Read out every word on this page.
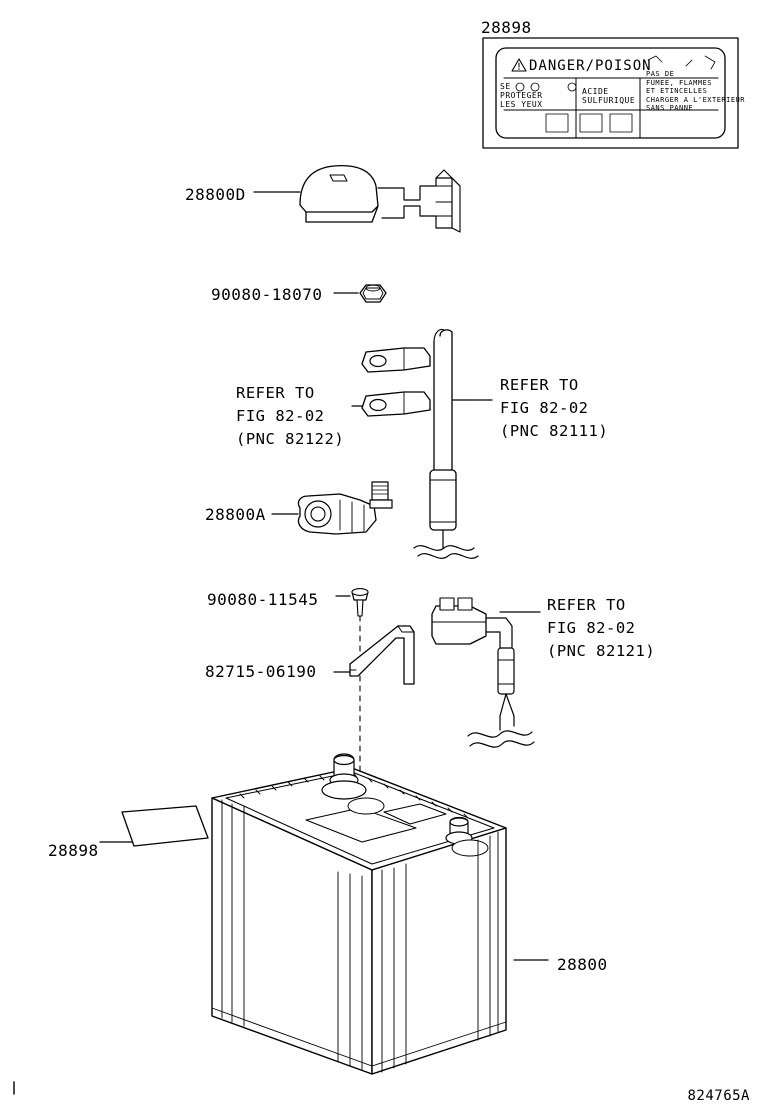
28898
28800D
90080-18070
28800A
90080-11545
82715-06190
28898
28800
REFER TO
FIG 82-02
(PNC 82122)
REFER TO
FIG 82-02
(PNC 82111)
REFER TO
FIG 82-02
(PNC 82121)
DANGER/POISON
SE
PROTEGER
LES YEUX
ACIDE
SULFURIQUE
PAS DE
FUMEE, FLAMMES
ET ETINCELLES
CHARGER A L'EXTERIEUR
SANS PANNE
824765A
